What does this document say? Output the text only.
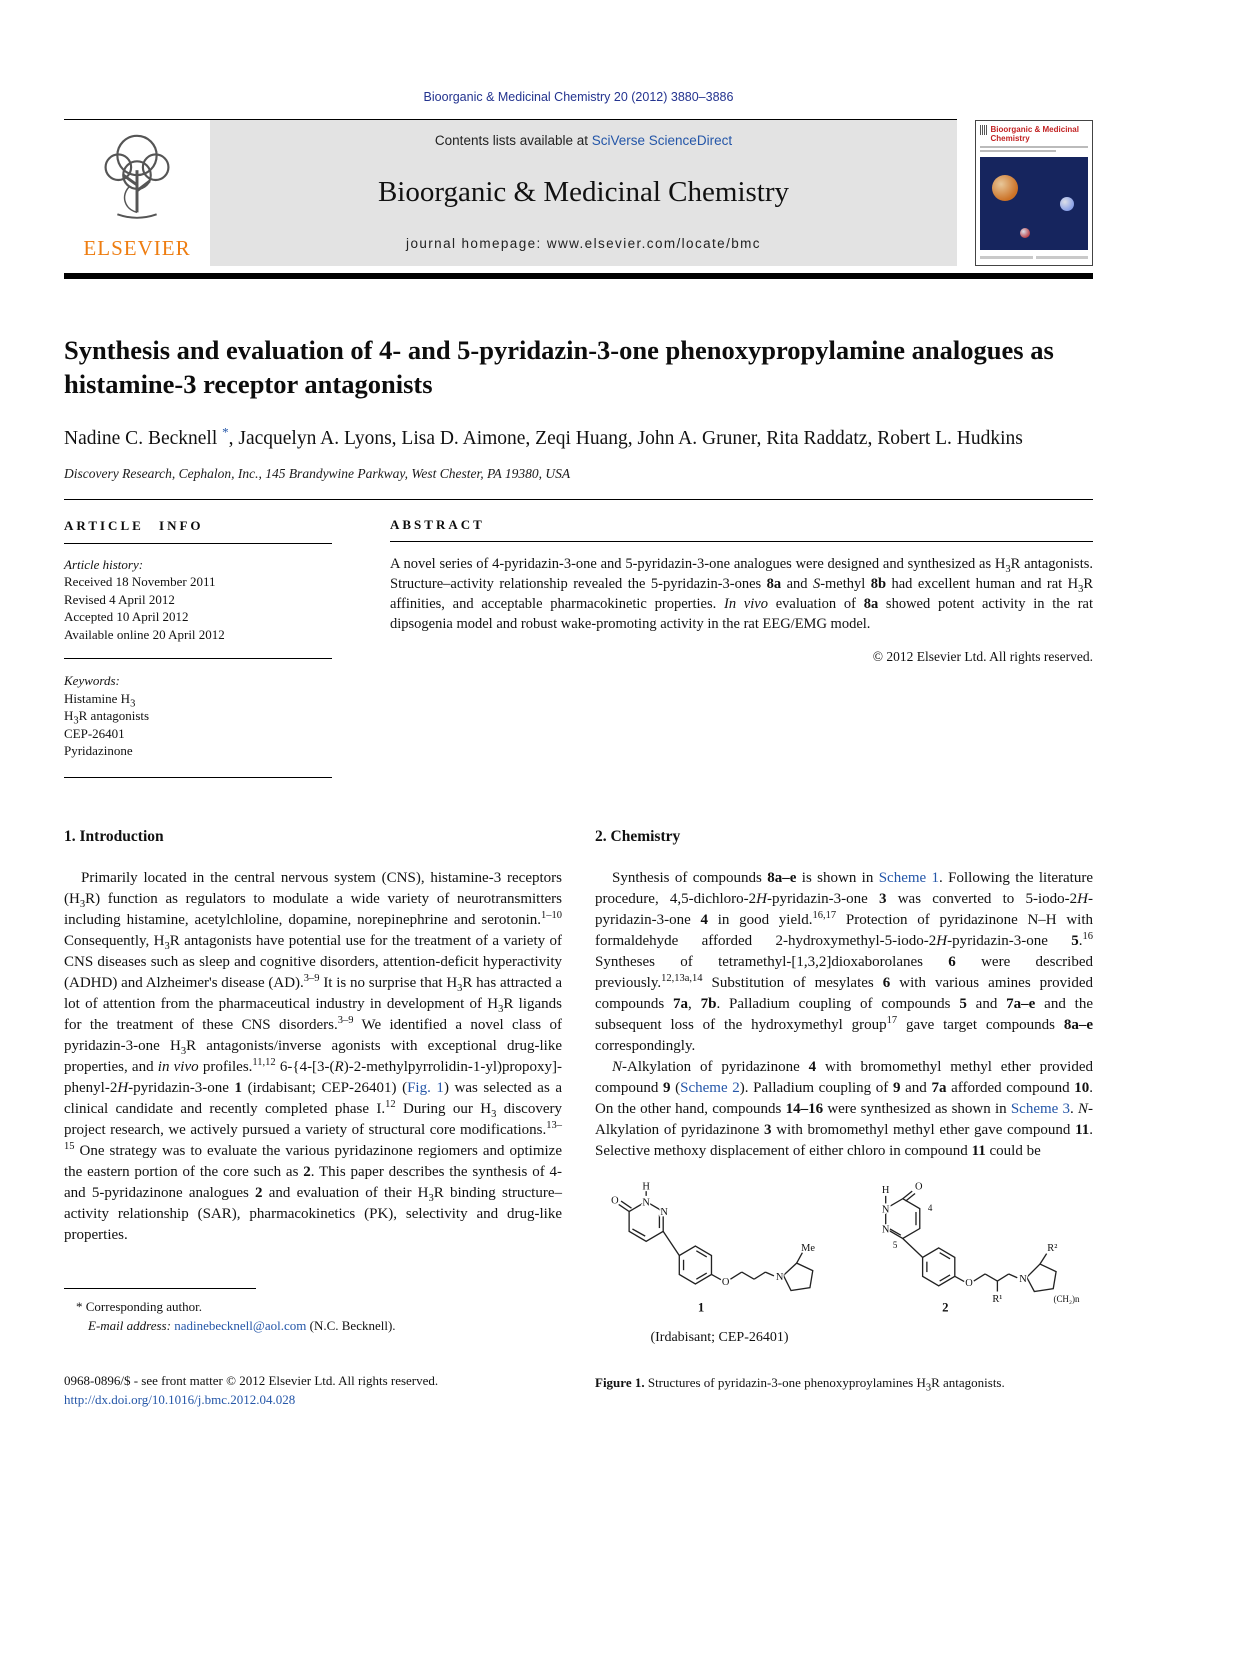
Bioorganic & Medicinal Chemistry 20 (2012) 3880–3886
ELSEVIER
Contents lists available at SciVerse ScienceDirect
Bioorganic & Medicinal Chemistry
journal homepage: www.elsevier.com/locate/bmc
Bioorganic & Medicinal Chemistry
Synthesis and evaluation of 4- and 5-pyridazin-3-one phenoxypropylamine analogues as histamine-3 receptor antagonists
Nadine C. Becknell *, Jacquelyn A. Lyons, Lisa D. Aimone, Zeqi Huang, John A. Gruner, Rita Raddatz, Robert L. Hudkins
Discovery Research, Cephalon, Inc., 145 Brandywine Parkway, West Chester, PA 19380, USA
ARTICLE INFO
Article history:
Received 18 November 2011
Revised 4 April 2012
Accepted 10 April 2012
Available online 20 April 2012
Keywords:
Histamine $H_3$
$H_3R$ antagonists
CEP-26401
Pyridazinone
ABSTRACT
A novel series of 4-pyridazin-3-one and 5-pyridazin-3-one analogues were designed and synthesized as $H_3R$ antagonists. Structure–activity relationship revealed the 5-pyridazin-3-ones 8a and S-methyl 8b had excellent human and rat $H_3R$ affinities, and acceptable pharmacokinetic properties. In vivo evaluation of 8a showed potent activity in the rat dipsogenia model and robust wake-promoting activity in the rat EEG/EMG model.
© 2012 Elsevier Ltd. All rights reserved.
1. Introduction

Primarily located in the central nervous system (CNS), histamine-3 receptors $(H_3R)$ function as regulators to modulate a wide variety of neurotransmitters including histamine, acetylchloline, dopamine, norepinephrine and serotonin.$^{1-10}$ Consequently, $H_3R$ antagonists have potential use for the treatment of a variety of CNS diseases such as sleep and cognitive disorders, attention-deficit hyperactivity (ADHD) and Alzheimer's disease (AD).$^{3-9}$ It is no surprise that $H_3R$ has attracted a lot of attention from the pharmaceutical industry in development of $H_3R$ ligands for the treatment of these CNS disorders.$^{3-9}$ We identified a novel class of pyridazin-3-one $H_3R$ antagonists/inverse agonists with exceptional drug-like properties, and in vivo profiles.$^{11,12}$ 6-{4-[3-(R)-2-methylpyrrolidin-1-yl)propoxy]-phenyl-2H-pyridazin-3-one 1 (irdabisant; CEP-26401) (Fig. 1) was selected as a clinical candidate and recently completed phase I.$^{12}$ During our $H_3$ discovery project research, we actively pursued a variety of structural core modifications.$^{13-15}$ One strategy was to evaluate the various pyridazinone regiomers and optimize the eastern portion of the core such as 2. This paper describes the synthesis of 4- and 5-pyridazinone analogues 2 and evaluation of their $H_3R$ binding structure–activity relationship (SAR), pharmacokinetics (PK), selectivity and drug-like properties.

* Corresponding author.
E-mail address: nadinebecknell@aol.com (N.C. Becknell).
0968-0896/$ - see front matter © 2012 Elsevier Ltd. All rights reserved.
http://dx.doi.org/10.1016/j.bmc.2012.04.028
2. Chemistry

Synthesis of compounds 8a–e is shown in Scheme 1. Following the literature procedure, 4,5-dichloro-2H-pyridazin-3-one 3 was converted to 5-iodo-2H-pyridazin-3-one 4 in good yield.$^{16,17}$ Protection of pyridazinone N–H with formaldehyde afforded 2-hydroxymethyl-5-iodo-2H-pyridazin-3-one 5.16 Syntheses of tetramethyl-[1,3,2]dioxaborolanes 6 were described previously.$^{12,13a,14}$ Substitution of mesylates 6 with various amines provided compounds 7a, 7b. Palladium coupling of compounds 5 and 7a–e and the subsequent loss of the hydroxymethyl group$^{17}$ gave target compounds 8a–e correspondingly.

N-Alkylation of pyridazinone 4 with bromomethyl methyl ether provided compound 9 (Scheme 2). Palladium coupling of 9 and 7a afforded compound 10. On the other hand, compounds 14–16 were synthesized as shown in Scheme 3. N-Alkylation of pyridazinone 3 with bromomethyl methyl ether gave compound 11. Selective methoxy displacement of either chloro in compound 11 could be

O
H
N
N
O	N
Me
1
(Irdabisant; CEP-26401)
O
H
N
N
4
5
O	N
R¹
R²
(CH₂)n
2
Figure 1. Structures of pyridazin-3-one phenoxyproylamines $H_3R$ antagonists.
